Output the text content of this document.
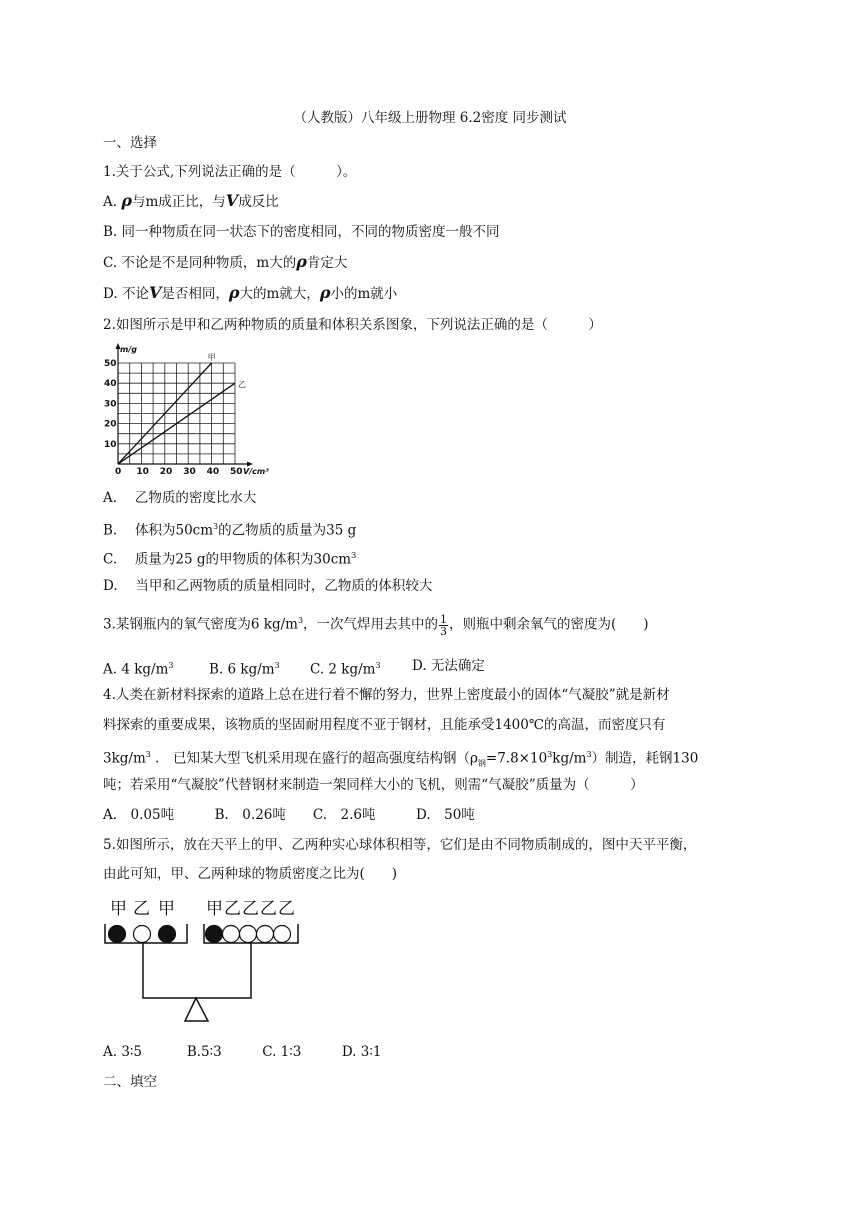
（人教版）八年级上册物理 6.2密度 同步测试
一、选择
1.关于公式,下列说法正确的是（　　　）。
A. ρ与m成正比，与V成反比
B. 同一种物质在同一状态下的密度相同，不同的物质密度一般不同
C. 不论是不是同种物质，m大的ρ肯定大
D. 不论V是否相同，ρ大的m就大，ρ小的m就小
2.如图所示是甲和乙两种物质的质量和体积关系图象，下列说法正确的是（　　　）
甲
乙
0 10 20 30 40 50
10
20
30
40
50
m/g
V/cm³
A.　 乙物质的密度比水大
B.　 体积为$50cm^3$的乙物质的质量为35 g
C.　 质量为25 g的甲物质的体积为$30cm^3$
D.　 当甲和乙两物质的质量相同时，乙物质的体积较大
3.某钢瓶内的氧气密度为6 $kg/m^3$，一次气焊用去其中的 $\frac{1}{3}$ ，则瓶中剩余氧气的密度为(　　)
A. 4 $kg/m^3$	B. 6 $kg/m^3$ C. 2 $kg/m^3$ D. 无法确定
4.人类在新材料探索的道路上总在进行着不懈的努力，世界上密度最小的固体“气凝胶”就是新材
料探索的重要成果，该物质的坚固耐用程度不亚于钢材，且能承受1400℃的高温，而密度只有
$3kg/m^3$ .　已知某大型飞机采用现在盛行的超高强度结构钢$(\rho_钢=7.8\times 10^3kg/m^3)$制造，耗钢130
吨；若采用“气凝胶”代替钢材来制造一架同样大小的飞机，则需“气凝胶”质量为（　　　）
A.　0.05吨　　　B.　0.26吨　　C.　2.6吨　　　D.　50吨
5.如图所示，放在天平上的甲、乙两种实心球体积相等，它们是由不同物质制成的，图中天平平衡，
由此可知，甲、乙两种球的物质密度之比为(　　)
甲 乙 甲 甲 乙 乙 乙 乙
A. 3∶5　　　 B.5∶3　　　C. 1∶3　　　D. 3∶1
二、填空
